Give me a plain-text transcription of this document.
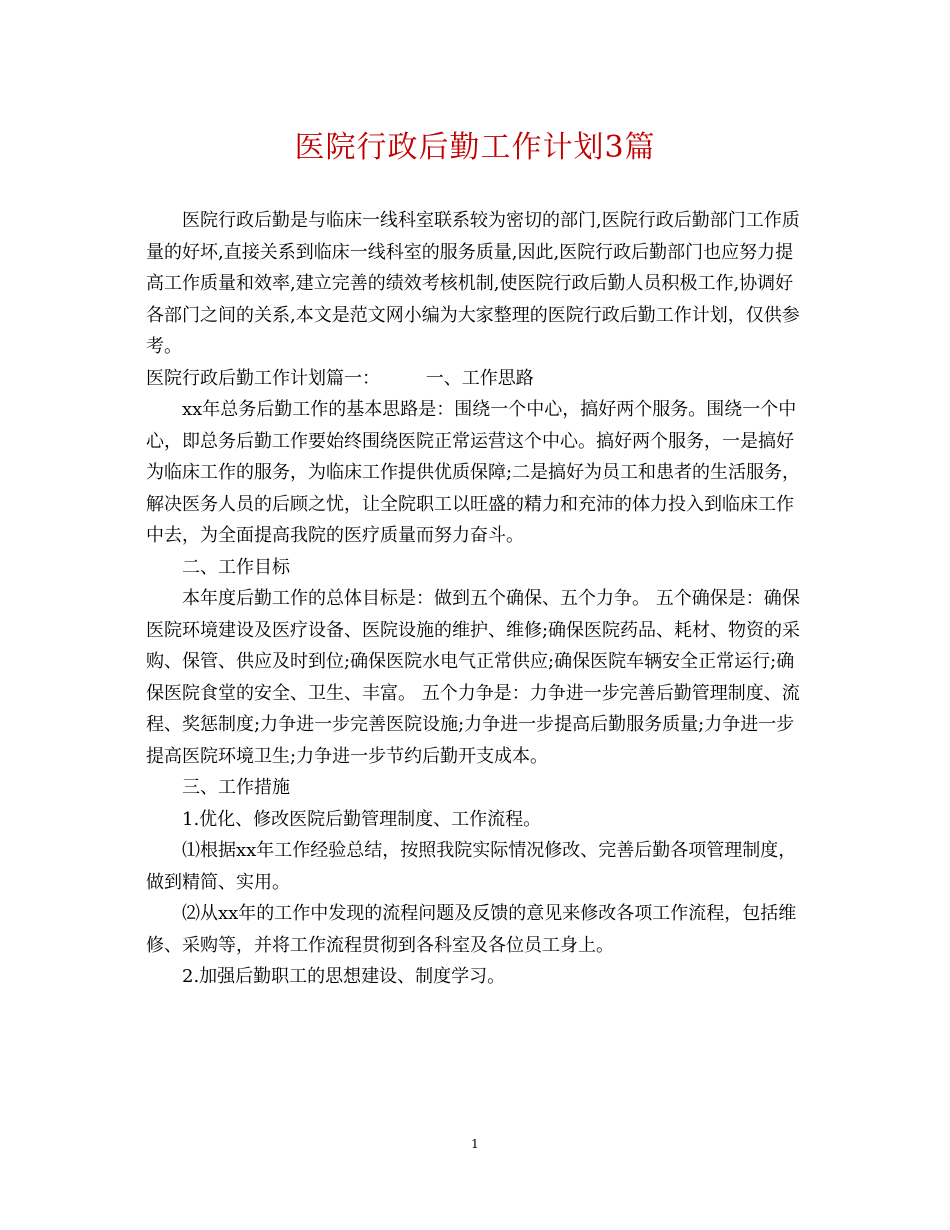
医院行政后勤工作计划3篇

医院行政后勤是与临床一线科室联系较为密切的部门,医院行政后勤部门工作质量的好坏,直接关系到临床一线科室的服务质量,因此,医院行政后勤部门也应努力提高工作质量和效率,建立完善的绩效考核机制,使医院行政后勤人员积极工作,协调好各部门之间的关系,本文是范文网小编为大家整理的医院行政后勤工作计划，仅供参考。

医院行政后勤工作计划篇一：        一、工作思路

xx年总务后勤工作的基本思路是：围绕一个中心，搞好两个服务。围绕一个中心，即总务后勤工作要始终围绕医院正常运营这个中心。搞好两个服务，一是搞好为临床工作的服务，为临床工作提供优质保障;二是搞好为员工和患者的生活服务，解决医务人员的后顾之忧，让全院职工以旺盛的精力和充沛的体力投入到临床工作中去，为全面提高我院的医疗质量而努力奋斗。

二、工作目标

本年度后勤工作的总体目标是：做到五个确保、五个力争。 五个确保是：确保医院环境建设及医疗设备、医院设施的维护、维修;确保医院药品、耗材、物资的采购、保管、供应及时到位;确保医院水电气正常供应;确保医院车辆安全正常运行;确保医院食堂的安全、卫生、丰富。 五个力争是：力争进一步完善后勤管理制度、流程、奖惩制度;力争进一步完善医院设施;力争进一步提高后勤服务质量;力争进一步提高医院环境卫生;力争进一步节约后勤开支成本。

三、工作措施

1.优化、修改医院后勤管理制度、工作流程。

⑴根据xx年工作经验总结，按照我院实际情况修改、完善后勤各项管理制度，做到精简、实用。

⑵从xx年的工作中发现的流程问题及反馈的意见来修改各项工作流程，包括维修、采购等，并将工作流程贯彻到各科室及各位员工身上。

2.加强后勤职工的思想建设、制度学习。

1
